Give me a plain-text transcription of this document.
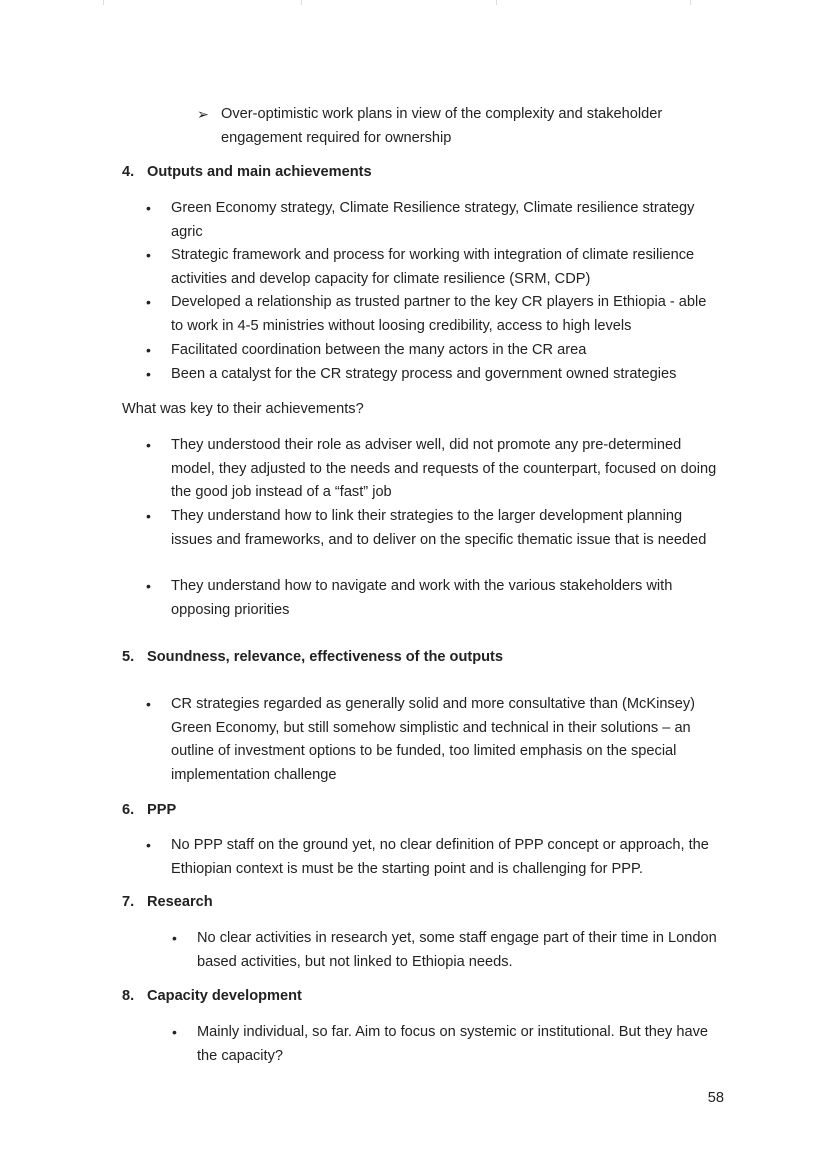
➢ Over-optimistic work plans in view of the complexity and stakeholder engagement required for ownership
4. Outputs and main achievements
• Green Economy strategy, Climate Resilience strategy, Climate resilience strategy agric
• Strategic framework and process for working with integration of climate resilience activities and develop capacity for climate resilience (SRM, CDP)
• Developed a relationship as trusted partner to the key CR players in Ethiopia - able to work in 4-5 ministries without loosing credibility, access to high levels
• Facilitated coordination between the many actors in the CR area
• Been a catalyst for the CR strategy process and government owned strategies
What was key to their achievements?
• They understood their role as adviser well, did not promote any pre-determined model, they adjusted to the needs and requests of the counterpart, focused on doing the good job instead of a “fast” job
• They understand how to link their strategies to the larger development planning issues and frameworks, and to deliver on the specific thematic issue that is needed
• They understand how to navigate and work with the various stakeholders with opposing priorities
5. Soundness, relevance, effectiveness of the outputs
• CR strategies regarded as generally solid and more consultative than (McKinsey) Green Economy, but still somehow simplistic and technical in their solutions – an outline of investment options to be funded, too limited emphasis on the special implementation challenge
6. PPP
• No PPP staff on the ground yet, no clear definition of PPP concept or approach, the Ethiopian context is must be the starting point and is challenging for PPP.
7. Research
• No clear activities in research yet, some staff engage part of their time in London based activities, but not linked to Ethiopia needs.
8. Capacity development
• Mainly individual, so far. Aim to focus on systemic or institutional. But they have the capacity?
58
